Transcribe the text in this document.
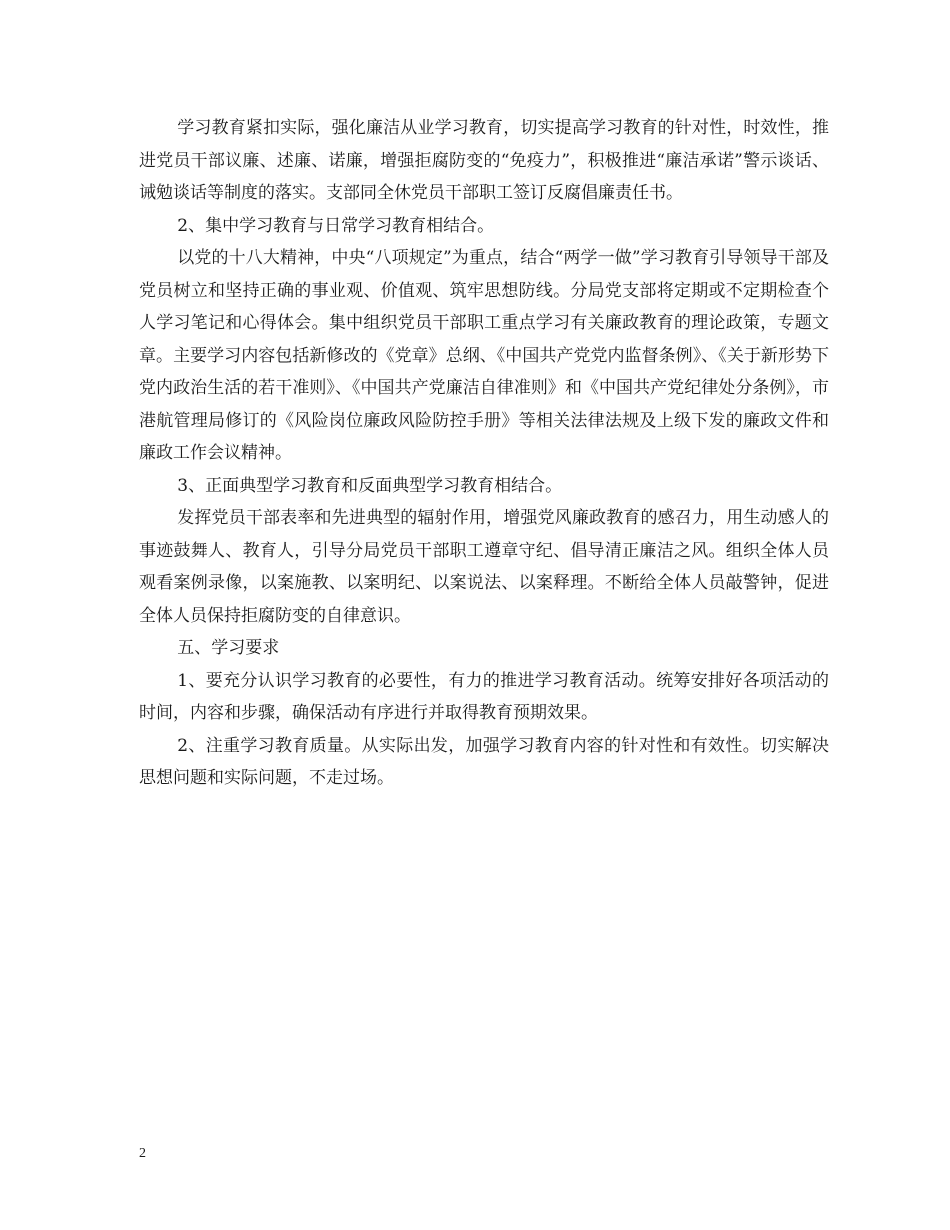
学习教育紧扣实际，强化廉洁从业学习教育，切实提高学习教育的针对性，时效性，推进党员干部议廉、述廉、诺廉，增强拒腐防变的“免疫力”，积极推进“廉洁承诺”警示谈话、诫勉谈话等制度的落实。支部同全休党员干部职工签订反腐倡廉责任书。

2、集中学习教育与日常学习教育相结合。

以党的十八大精神，中央“八项规定”为重点，结合“两学一做”学习教育引导领导干部及党员树立和坚持正确的事业观、价值观、筑牢思想防线。分局党支部将定期或不定期检查个人学习笔记和心得体会。集中组织党员干部职工重点学习有关廉政教育的理论政策，专题文章。主要学习内容包括新修改的《党章》总纲、《中国共产党党内监督条例》、《关于新形势下党内政治生活的若干准则》、《中国共产党廉洁自律准则》和《中国共产党纪律处分条例》，市港航管理局修订的《风险岗位廉政风险防控手册》等相关法律法规及上级下发的廉政文件和廉政工作会议精神。

3、正面典型学习教育和反面典型学习教育相结合。

发挥党员干部表率和先进典型的辐射作用，增强党风廉政教育的感召力，用生动感人的事迹鼓舞人、教育人，引导分局党员干部职工遵章守纪、倡导清正廉洁之风。组织全体人员观看案例录像，以案施教、以案明纪、以案说法、以案释理。不断给全体人员敲警钟，促进全体人员保持拒腐防变的自律意识。

五、学习要求

1、要充分认识学习教育的必要性，有力的推进学习教育活动。统筹安排好各项活动的时间，内容和步骤，确保活动有序进行并取得教育预期效果。

2、注重学习教育质量。从实际出发，加强学习教育内容的针对性和有效性。切实解决思想问题和实际问题，不走过场。

2
